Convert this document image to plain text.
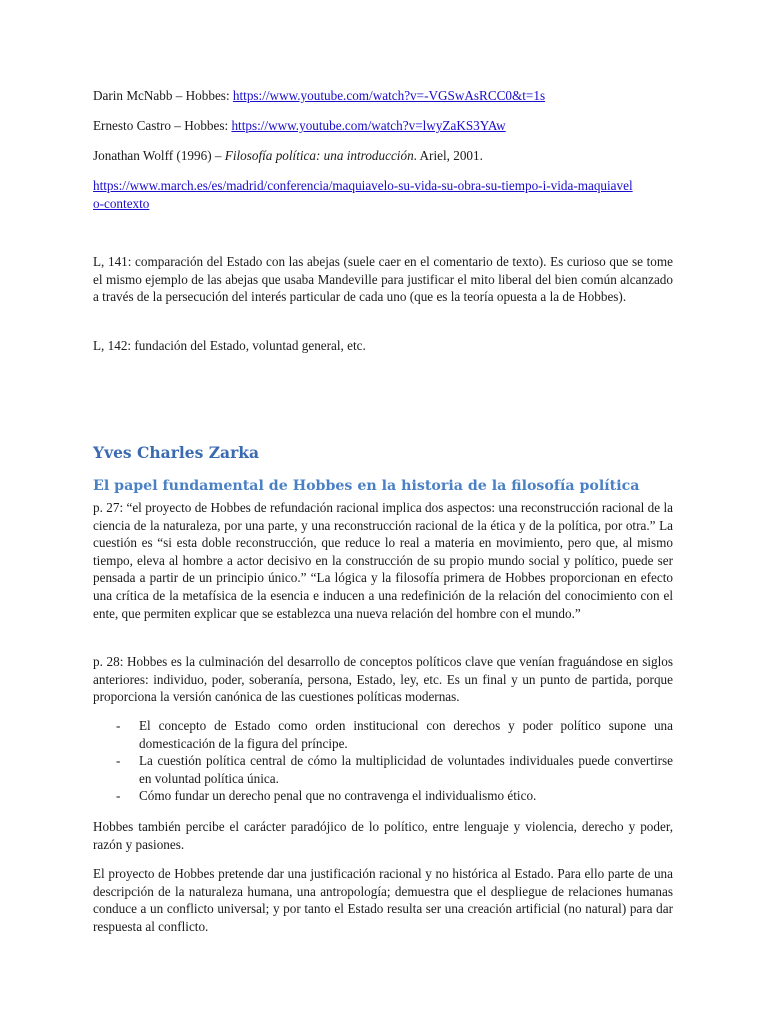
Darin McNabb – Hobbes: https://www.youtube.com/watch?v=-VGSwAsRCC0&t=1s

Ernesto Castro – Hobbes: https://www.youtube.com/watch?v=lwyZaKS3YAw

Jonathan Wolff (1996) – Filosofía política: una introducción. Ariel, 2001.

https://www.march.es/es/madrid/conferencia/maquiavelo-su-vida-su-obra-su-tiempo-i-vida-maquiavelo-contexto

L, 141: comparación del Estado con las abejas (suele caer en el comentario de texto). Es curioso que se tome el mismo ejemplo de las abejas que usaba Mandeville para justificar el mito liberal del bien común alcanzado a través de la persecución del interés particular de cada uno (que es la teoría opuesta a la de Hobbes).

L, 142: fundación del Estado, voluntad general, etc.

Yves Charles Zarka
El papel fundamental de Hobbes en la historia de la filosofía política

p. 27: “el proyecto de Hobbes de refundación racional implica dos aspectos: una reconstrucción racional de la ciencia de la naturaleza, por una parte, y una reconstrucción racional de la ética y de la política, por otra.” La cuestión es “si esta doble reconstrucción, que reduce lo real a materia en movimiento, pero que, al mismo tiempo, eleva al hombre a actor decisivo en la construcción de su propio mundo social y político, puede ser pensada a partir de un principio único.” “La lógica y la filosofía primera de Hobbes proporcionan en efecto una crítica de la metafísica de la esencia e inducen a una redefinición de la relación del conocimiento con el ente, que permiten explicar que se establezca una nueva relación del hombre con el mundo.”

p. 28: Hobbes es la culminación del desarrollo de conceptos políticos clave que venían fraguándose en siglos anteriores: individuo, poder, soberanía, persona, Estado, ley, etc. Es un final y un punto de partida, porque proporciona la versión canónica de las cuestiones políticas modernas.

- El concepto de Estado como orden institucional con derechos y poder político supone una domesticación de la figura del príncipe.
- La cuestión política central de cómo la multiplicidad de voluntades individuales puede convertirse en voluntad política única.
- Cómo fundar un derecho penal que no contravenga el individualismo ético.

Hobbes también percibe el carácter paradójico de lo político, entre lenguaje y violencia, derecho y poder, razón y pasiones.

El proyecto de Hobbes pretende dar una justificación racional y no histórica al Estado. Para ello parte de una descripción de la naturaleza humana, una antropología; demuestra que el despliegue de relaciones humanas conduce a un conflicto universal; y por tanto el Estado resulta ser una creación artificial (no natural) para dar respuesta al conflicto.
